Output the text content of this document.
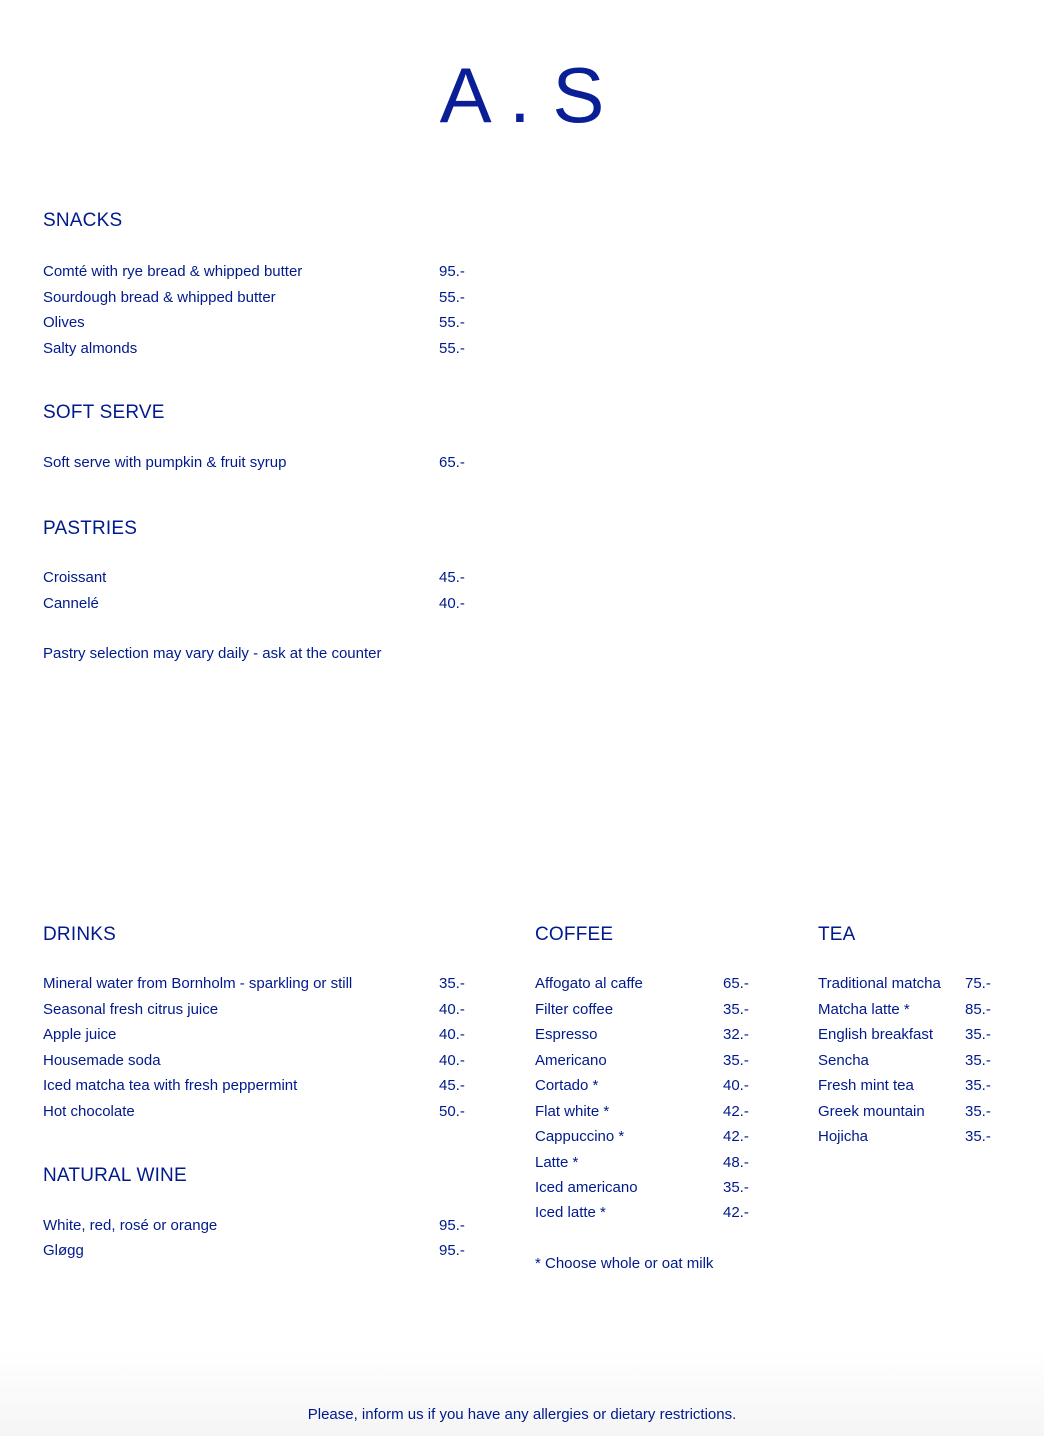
A . S
SNACKS
Comté with rye bread & whipped butter	95.-
Sourdough bread & whipped butter	55.-
Olives	55.-
Salty almonds	55.-
SOFT SERVE
Soft serve with pumpkin & fruit syrup	65.-
PASTRIES
Croissant	45.-
Cannelé	40.-
Pastry selection may vary daily - ask at the counter
DRINKS
Mineral water from Bornholm - sparkling or still	35.-
Seasonal fresh citrus juice	40.-
Apple juice	40.-
Housemade soda	40.-
Iced matcha tea with fresh peppermint	45.-
Hot chocolate	50.-
NATURAL WINE
White, red, rosé or orange	95.-
Gløgg	95.-
COFFEE
Affogato al caffe	65.-
Filter coffee	35.-
Espresso	32.-
Americano	35.-
Cortado *	40.-
Flat white *	42.-
Cappuccino *	42.-
Latte *	48.-
Iced americano	35.-
Iced latte *	42.-
* Choose whole or oat milk
TEA
Traditional matcha 75.-
Matcha latte *	85.-
English breakfast 35.-
Sencha	35.-
Fresh mint tea	35.-
Greek mountain	35.-
Hojicha	35.-
Please, inform us if you have any allergies or dietary restrictions.
